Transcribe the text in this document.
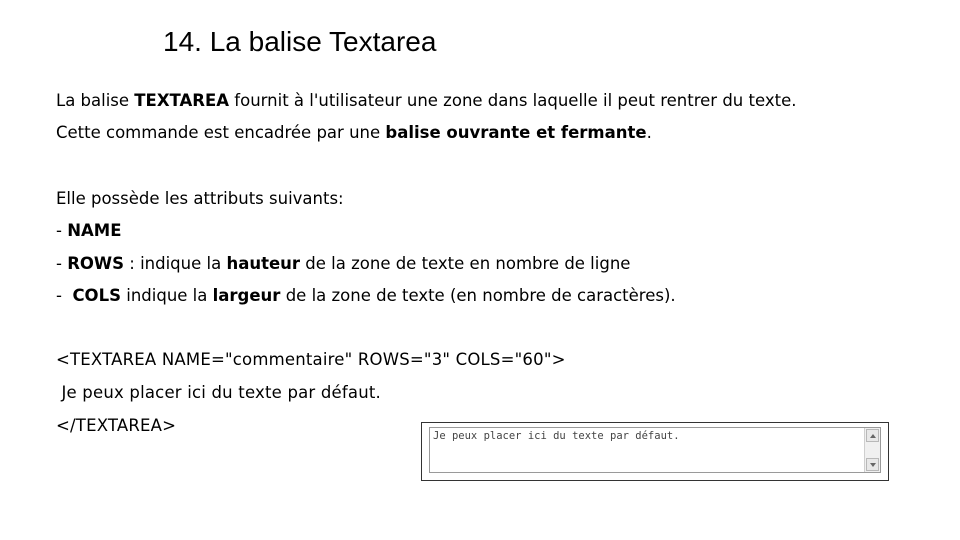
14. La balise Textarea
La balise TEXTAREA fournit à l'utilisateur une zone dans laquelle il peut rentrer du texte.
Cette commande est encadrée par une balise ouvrante et fermante.
Elle possède les attributs suivants:
- NAME
- ROWS : indique la hauteur de la zone de texte en nombre de ligne
-  COLS indique la largeur de la zone de texte (en nombre de caractères).
<TEXTAREA NAME="commentaire" ROWS="3" COLS="60">
Je peux placer ici du texte par défaut.
</TEXTAREA>
Je peux placer ici du texte par défaut.
